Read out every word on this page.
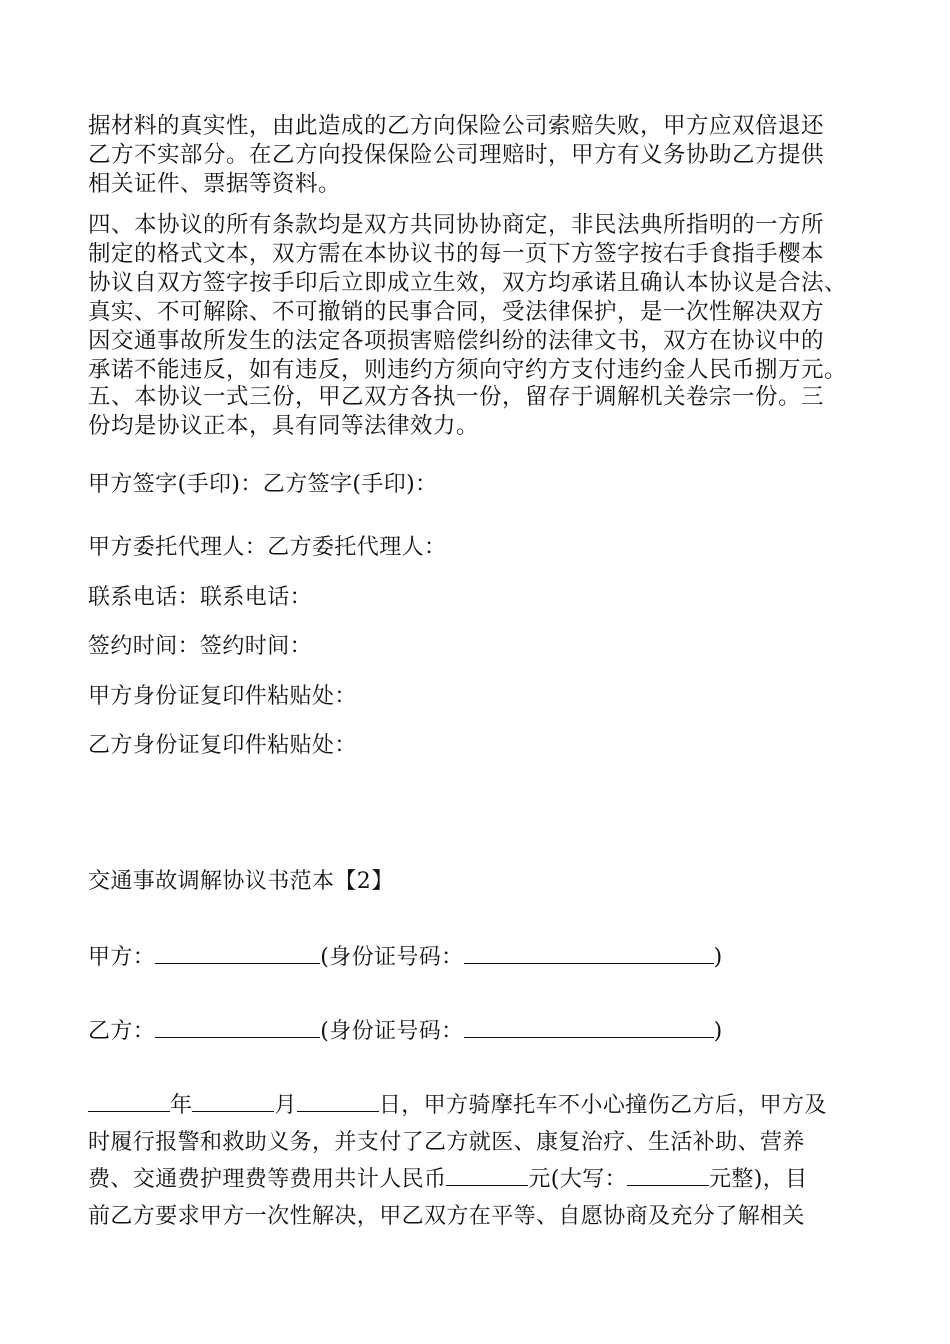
据材料的真实性，由此造成的乙方向保险公司索赔失败，甲方应双倍退还
乙方不实部分。在乙方向投保保险公司理赔时，甲方有义务协助乙方提供
相关证件、票据等资料。

四、本协议的所有条款均是双方共同协协商定，非民法典所指明的一方所
制定的格式文本，双方需在本协议书的每一页下方签字按右手食指手樱本
协议自双方签字按手印后立即成立生效，双方均承诺且确认本协议是合法、
真实、不可解除、不可撤销的民事合同，受法律保护，是一次性解决双方
因交通事故所发生的法定各项损害赔偿纠纷的法律文书，双方在协议中的
承诺不能违反，如有违反，则违约方须向守约方支付违约金人民币捌万元。

五、本协议一式三份，甲乙双方各执一份，留存于调解机关卷宗一份。三
份均是协议正本，具有同等法律效力。

甲方签字(手印)：乙方签字(手印)：
甲方委托代理人：乙方委托代理人：
联系电话：联系电话：
签约时间：签约时间：
甲方身份证复印件粘贴处：
乙方身份证复印件粘贴处：
交通事故调解协议书范本【2】
甲方：	(身份证号码：	)
乙方：	(身份证号码：	)

年	月	日，甲方骑摩托车不小心撞伤乙方后，甲方及
时履行报警和救助义务，并支付了乙方就医、康复治疗、生活补助、营养
费、交通费护理费等费用共计人民币	元(大写：	元整)，目
前乙方要求甲方一次性解决，甲乙双方在平等、自愿协商及充分了解相关
